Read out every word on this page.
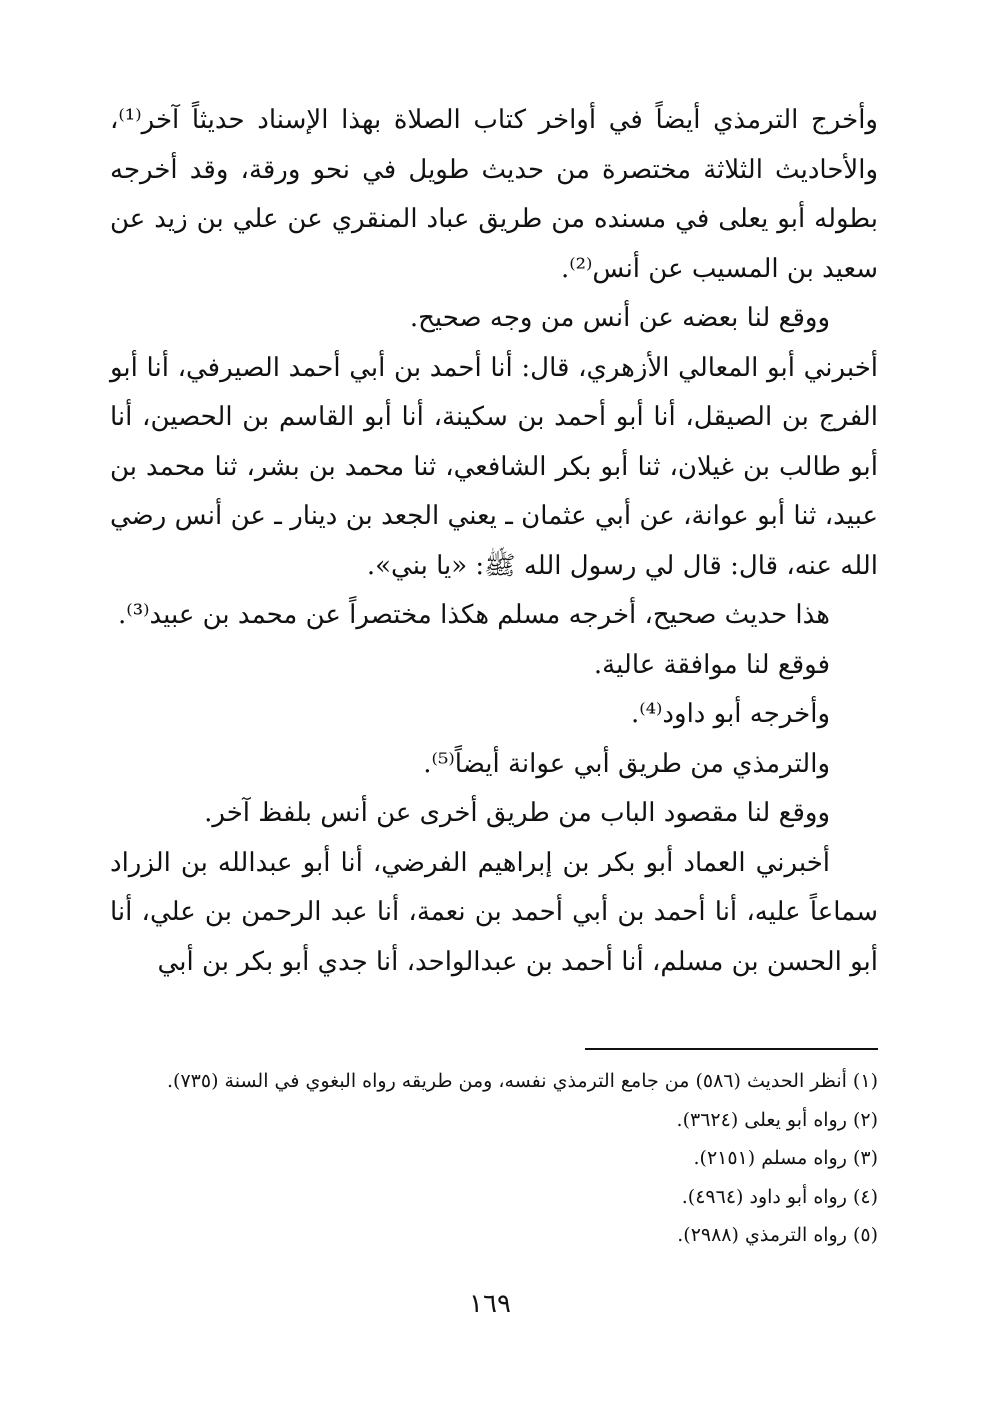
وأخرج الترمذي أيضاً في أواخر كتاب الصلاة بهذا الإسناد حديثاً آخر⁽¹⁾، والأحاديث الثلاثة مختصرة من حديث طويل في نحو ورقة، وقد أخرجه بطوله أبو يعلى في مسنده من طريق عباد المنقري عن علي بن زيد عن سعيد بن المسيب عن أنس⁽²⁾.

ووقع لنا بعضه عن أنس من وجه صحيح.

أخبرني أبو المعالي الأزهري، قال: أنا أحمد بن أبي أحمد الصيرفي، أنا أبو الفرج بن الصيقل، أنا أبو أحمد بن سكينة، أنا أبو القاسم بن الحصين، أنا أبو طالب بن غيلان، ثنا أبو بكر الشافعي، ثنا محمد بن بشر، ثنا محمد بن عبيد، ثنا أبو عوانة، عن أبي عثمان ـ يعني الجعد بن دينار ـ عن أنس رضي الله عنه، قال: قال لي رسول الله ﷺ: «يا بني».

هذا حديث صحيح، أخرجه مسلم هكذا مختصراً عن محمد بن عبيد⁽³⁾.

فوقع لنا موافقة عالية.

وأخرجه أبو داود⁽⁴⁾.

والترمذي من طريق أبي عوانة أيضاً⁽⁵⁾.

ووقع لنا مقصود الباب من طريق أخرى عن أنس بلفظ آخر.

أخبرني العماد أبو بكر بن إبراهيم الفرضي، أنا أبو عبدالله بن الزراد سماعاً عليه، أنا أحمد بن أبي أحمد بن نعمة، أنا عبد الرحمن بن علي، أنا أبو الحسن بن مسلم، أنا أحمد بن عبدالواحد، أنا جدي أبو بكر بن أبي

(١) أنظر الحديث (٥٨٦) من جامع الترمذي نفسه، ومن طريقه رواه البغوي في السنة (٧٣٥).

(٢) رواه أبو يعلى (٣٦٢٤).

(٣) رواه مسلم (٢١٥١).

(٤) رواه أبو داود (٤٩٦٤).

(٥) رواه الترمذي (٢٩٨٨).

١٦٩
